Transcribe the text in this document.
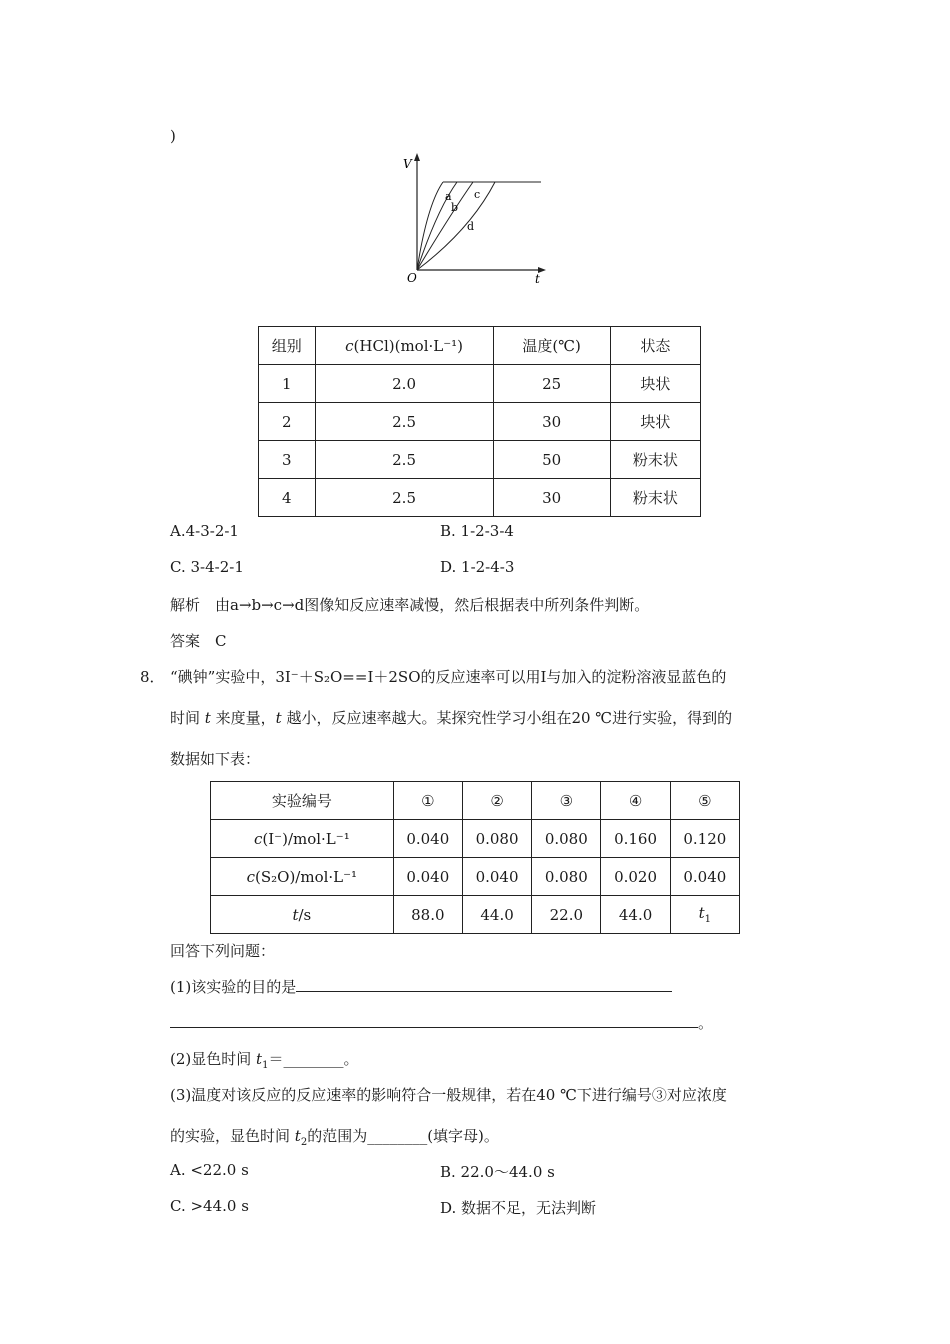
)
V
t
O
a
b
c
d
组别	c(HCl)(mol·L⁻¹)	温度(℃)	状态
1	2.0	25	块状
2	2.5	30	块状
3	2.5	50	粉末状
4	2.5	30	粉末状
A.4-3-2-1	B. 1-2-3-4
C. 3-4-2-1	D. 1-2-4-3
解析　由a→b→c→d图像知反应速率减慢，然后根据表中所列条件判断。
答案　C
8． “碘钟”实验中，3I⁻＋S₂O==I＋2SO的反应速率可以用I与加入的淀粉溶液显蓝色的
时间 t 来度量，t 越小，反应速率越大。某探究性学习小组在20 ℃进行实验，得到的
数据如下表：
实验编号	①	②	③	④	⑤
c(I⁻)/mol·L⁻¹	0.040	0.080	0.080	0.160	0.120
c(S₂O)/mol·L⁻¹	0.040	0.040	0.080	0.020	0.040
t/s	88.0	44.0	22.0	44.0	$t_1$
回答下列问题：
(1)该实验的目的是
。
(2)显色时间 $t_1=\_\_\_\_\_\_\_\_$。
(3)温度对该反应的反应速率的影响符合一般规律，若在40 ℃下进行编号③对应浓度
的实验，显色时间 $t_2$的范围为________(填字母)。
A. <22.0 s	B. 22.0～44.0 s
C. >44.0 s	D. 数据不足，无法判断
